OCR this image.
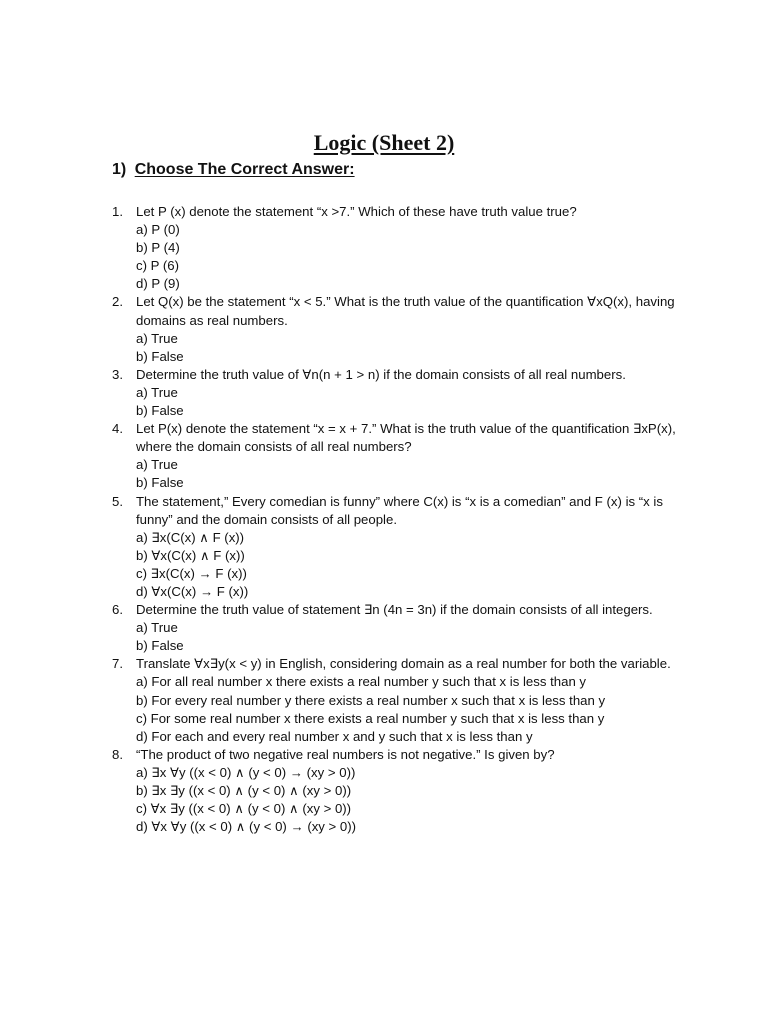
Logic (Sheet 2)
1) Choose The Correct Answer:
1. Let P (x) denote the statement “x >7.” Which of these have truth value true?
a) P (0)
b) P (4)
c) P (6)
d) P (9)
2. Let Q(x) be the statement “x < 5.” What is the truth value of the quantification ∀xQ(x), having domains as real numbers.
a) True
b) False
3. Determine the truth value of ∀n(n + 1 > n) if the domain consists of all real numbers.
a) True
b) False
4. Let P(x) denote the statement “x = x + 7.” What is the truth value of the quantification ∃xP(x), where the domain consists of all real numbers?
a) True
b) False
5. The statement,” Every comedian is funny” where C(x) is “x is a comedian” and F (x) is “x is funny” and the domain consists of all people.
a) ∃x(C(x) ∧ F (x))
b) ∀x(C(x) ∧ F (x))
c) ∃x(C(x) → F (x))
d) ∀x(C(x) → F (x))
6. Determine the truth value of statement ∃n (4n = 3n) if the domain consists of all integers.
a) True
b) False
7. Translate ∀x∃y(x < y) in English, considering domain as a real number for both the variable.
a) For all real number x there exists a real number y such that x is less than y
b) For every real number y there exists a real number x such that x is less than y
c) For some real number x there exists a real number y such that x is less than y
d) For each and every real number x and y such that x is less than y
8. “The product of two negative real numbers is not negative.” Is given by?
a) ∃x ∀y ((x < 0) ∧ (y < 0) → (xy > 0))
b) ∃x ∃y ((x < 0) ∧ (y < 0) ∧ (xy > 0))
c) ∀x ∃y ((x < 0) ∧ (y < 0) ∧ (xy > 0))
d) ∀x ∀y ((x < 0) ∧ (y < 0) → (xy > 0))
